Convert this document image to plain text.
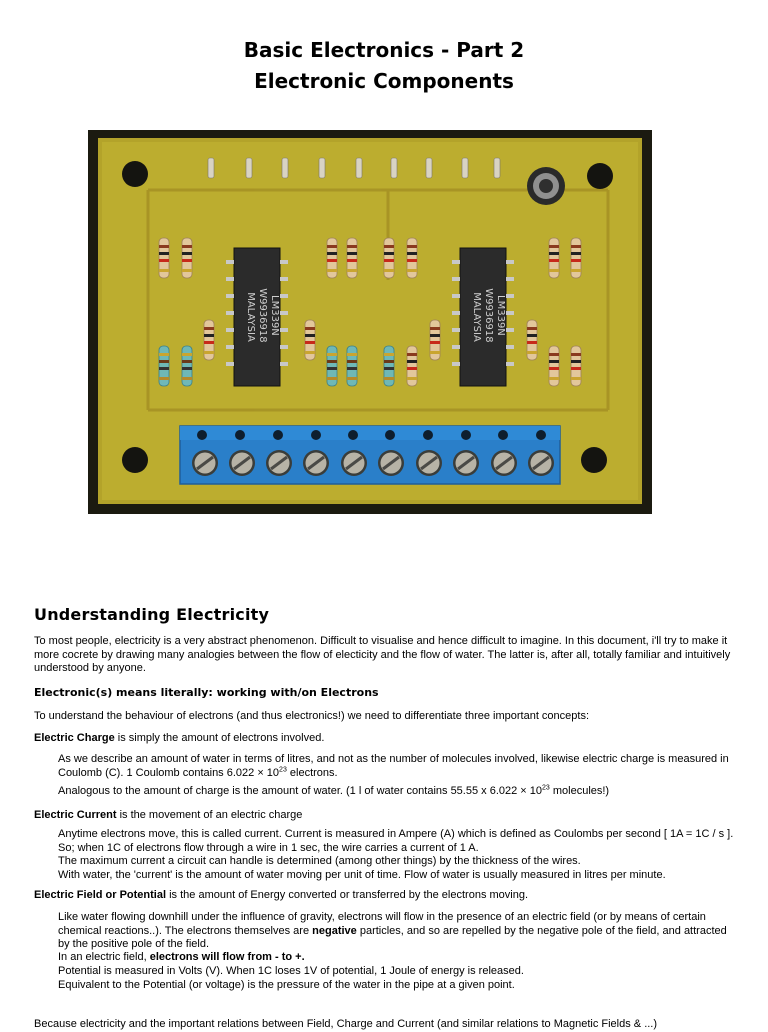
Basic Electronics - Part 2
Electronic Components
LM339N W9936918 MALAYSIA	LM339N W9936918 MALAYSIA
Understanding Electricity

To most people, electricity is a very abstract phenomenon. Difficult to visualise and hence difficult to imagine. In this document, i'll try to make it more cocrete by drawing many analogies between the flow of electicity and the flow of water. The latter is, after all, totally familiar and intuitively understood by anyone.

Electronic(s) means literally: working with/on Electrons

To understand the behaviour of electrons (and thus electronics!) we need to differentiate three important concepts:

Electric Charge is simply the amount of electrons involved.

As we describe an amount of water in terms of litres, and not as the number of molecules involved, likewise electric charge is measured in Coulomb (C). 1 Coulomb contains $6.022 \times 10^{23}$ electrons.

Analogous to the amount of charge is the amount of water. (1 l of water contains 55.55 x $6.022 \times 10^{23}$ molecules!)

Electric Current is the movement of an electric charge

Anytime electrons move, this is called current. Current is measured in Ampere (A) which is defined as Coulombs per second [ 1A = 1C / s ]. So; when 1C of electrons flow through a wire in 1 sec, the wire carries a current of 1 A.

The maximum current a circuit can handle is determined (among other things) by the thickness of the wires.

With water, the 'current' is the amount of water moving per unit of time. Flow of water is usually measured in litres per minute.

Electric Field or Potential is the amount of Energy converted or transferred by the electrons moving.

Like water flowing downhill under the influence of gravity, electrons will flow in the presence of an electric field (or by means of certain chemical reactions..). The electrons themselves are negative particles, and so are repelled by the negative pole of the field, and attracted by the positive pole of the field.

In an electric field, electrons will flow from - to +.

Potential is measured in Volts (V). When 1C loses 1V of potential, 1 Joule of energy is released.

Equivalent to the Potential (or voltage) is the pressure of the water in the pipe at a given point.

Because electricity and the important relations between Field, Charge and Current (and similar relations to Magnetic Fields & ...)
